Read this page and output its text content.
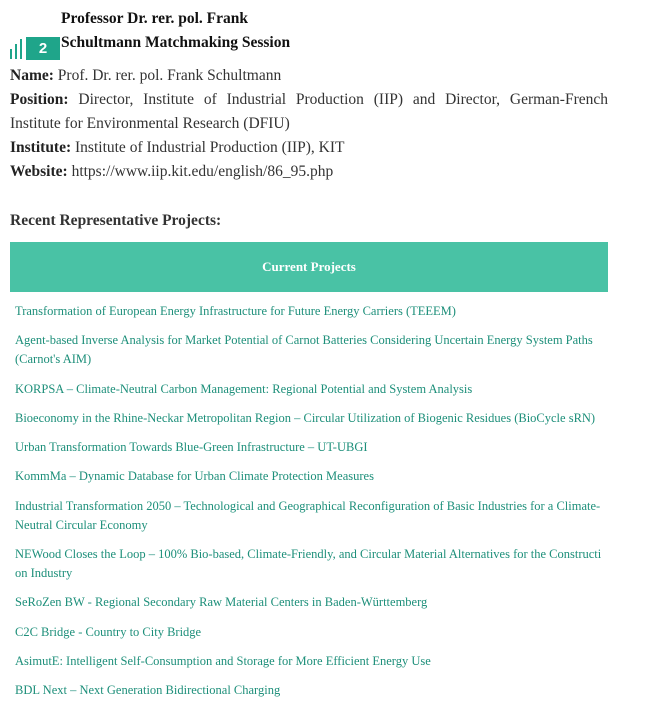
2
Professor Dr. rer. pol. Frank
Schultmann Matchmaking Session

Name: Prof. Dr. rer. pol. Frank Schultmann

Position: Director, Institute of Industrial Production (IIP) and Director, German-French Institute for Environmental Research (DFIU)

Institute: Institute of Industrial Production (IIP), KIT

Website: https://www.iip.kit.edu/english/86_95.php

Recent Representative Projects:
Current Projects
Transformation of European Energy Infrastructure for Future Energy Carriers (TEEEM)
Agent-based Inverse Analysis for Market Potential of Carnot Batteries Considering Uncertain Energy System Paths (Carnot's AIM)
KORPSA – Climate-Neutral Carbon Management: Regional Potential and System Analysis
Bioeconomy in the Rhine-Neckar Metropolitan Region – Circular Utilization of Biogenic Residues (BioCycle sRN)
Urban Transformation Towards Blue-Green Infrastructure – UT-UBGI
KommMa – Dynamic Database for Urban Climate Protection Measures
Industrial Transformation 2050 – Technological and Geographical Reconfiguration of Basic Industries for a Climate-Neutral Circular Economy
NEWood Closes the Loop – 100% Bio-based, Climate-Friendly, and Circular Material Alternatives for the Construction Industry
SeRoZen BW - Regional Secondary Raw Material Centers in Baden-Württemberg
C2C Bridge - Country to City Bridge
AsimutE: Intelligent Self-Consumption and Storage for More Efficient Energy Use
BDL Next – Next Generation Bidirectional Charging
